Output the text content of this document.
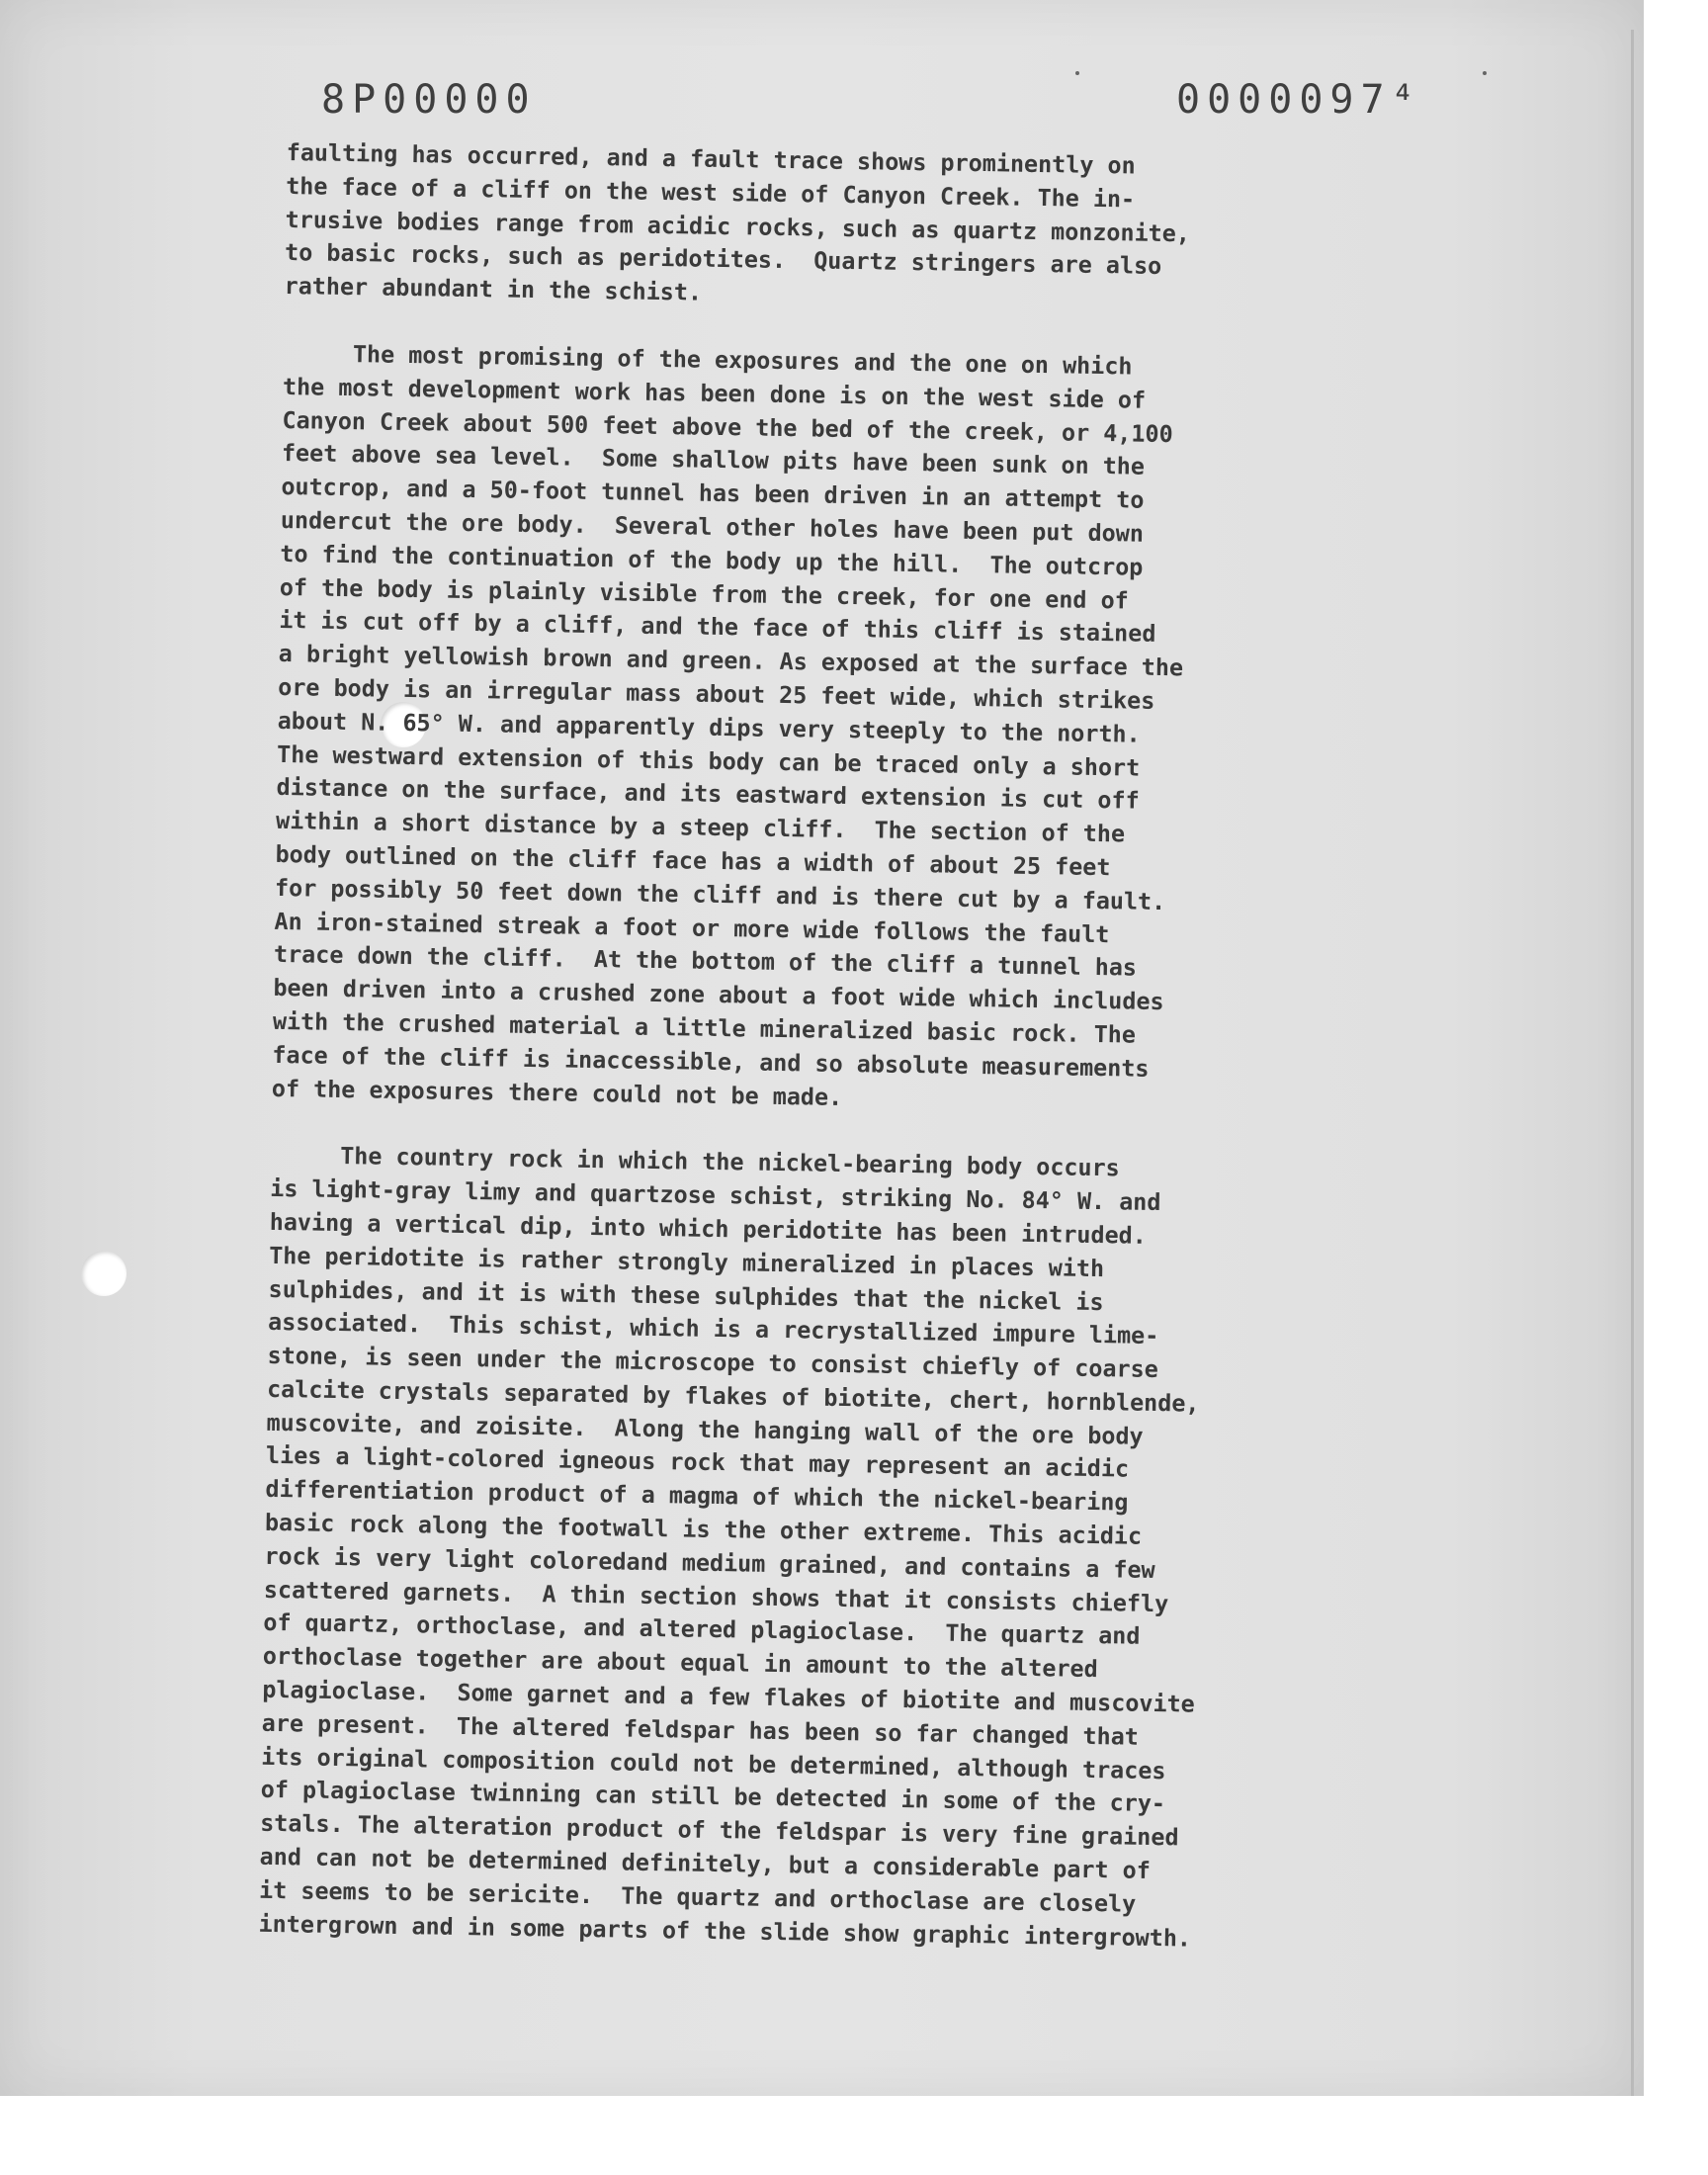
8P00000	0000097⁴

faulting has occurred, and a fault trace shows prominently on
the face of a cliff on the west side of Canyon Creek. The in-
trusive bodies range from acidic rocks, such as quartz monzonite,
to basic rocks, such as peridotites.  Quartz stringers are also
rather abundant in the schist.

The most promising of the exposures and the one on which
the most development work has been done is on the west side of
Canyon Creek about 500 feet above the bed of the creek, or 4,100
feet above sea level.  Some shallow pits have been sunk on the
outcrop, and a 50-foot tunnel has been driven in an attempt to
undercut the ore body.  Several other holes have been put down
to find the continuation of the body up the hill.  The outcrop
of the body is plainly visible from the creek, for one end of
it is cut off by a cliff, and the face of this cliff is stained
a bright yellowish brown and green. As exposed at the surface the
ore body is an irregular mass about 25 feet wide, which strikes
about N. 65° W. and apparently dips very steeply to the north.
The westward extension of this body can be traced only a short
distance on the surface, and its eastward extension is cut off
within a short distance by a steep cliff.  The section of the
body outlined on the cliff face has a width of about 25 feet
for possibly 50 feet down the cliff and is there cut by a fault.
An iron-stained streak a foot or more wide follows the fault
trace down the cliff.  At the bottom of the cliff a tunnel has
been driven into a crushed zone about a foot wide which includes
with the crushed material a little mineralized basic rock. The
face of the cliff is inaccessible, and so absolute measurements
of the exposures there could not be made.

The country rock in which the nickel-bearing body occurs
is light-gray limy and quartzose schist, striking No. 84° W. and
having a vertical dip, into which peridotite has been intruded.
The peridotite is rather strongly mineralized in places with
sulphides, and it is with these sulphides that the nickel is
associated.  This schist, which is a recrystallized impure lime-
stone, is seen under the microscope to consist chiefly of coarse
calcite crystals separated by flakes of biotite, chert, hornblende,
muscovite, and zoisite.  Along the hanging wall of the ore body
lies a light-colored igneous rock that may represent an acidic
differentiation product of a magma of which the nickel-bearing
basic rock along the footwall is the other extreme. This acidic
rock is very light coloredand medium grained, and contains a few
scattered garnets.  A thin section shows that it consists chiefly
of quartz, orthoclase, and altered plagioclase.  The quartz and
orthoclase together are about equal in amount to the altered
plagioclase.  Some garnet and a few flakes of biotite and muscovite
are present.  The altered feldspar has been so far changed that
its original composition could not be determined, although traces
of plagioclase twinning can still be detected in some of the cry-
stals. The alteration product of the feldspar is very fine grained
and can not be determined definitely, but a considerable part of
it seems to be sericite.  The quartz and orthoclase are closely
intergrown and in some parts of the slide show graphic intergrowth.
